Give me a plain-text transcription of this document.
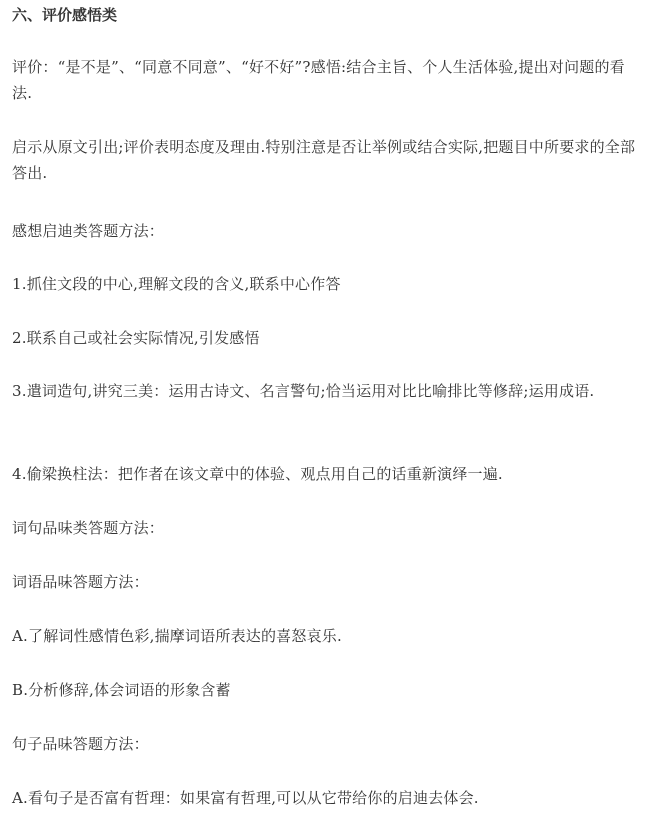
六、评价感悟类

评价：“是不是”、“同意不同意”、“好不好”?感悟:结合主旨、个人生活体验,提出对问题的看法.

启示从原文引出;评价表明态度及理由.特别注意是否让举例或结合实际,把题目中所要求的全部答出.

感想启迪类答题方法：

1.抓住文段的中心,理解文段的含义,联系中心作答

2.联系自己或社会实际情况,引发感悟

3.遣词造句,讲究三美：运用古诗文、名言警句;恰当运用对比比喻排比等修辞;运用成语.

4.偷梁换柱法：把作者在该文章中的体验、观点用自己的话重新演绎一遍.

词句品味类答题方法：

词语品味答题方法：

A.了解词性感情色彩,揣摩词语所表达的喜怒哀乐.

B.分析修辞,体会词语的形象含蓄

句子品味答题方法：

A.看句子是否富有哲理：如果富有哲理,可以从它带给你的启迪去体会.
